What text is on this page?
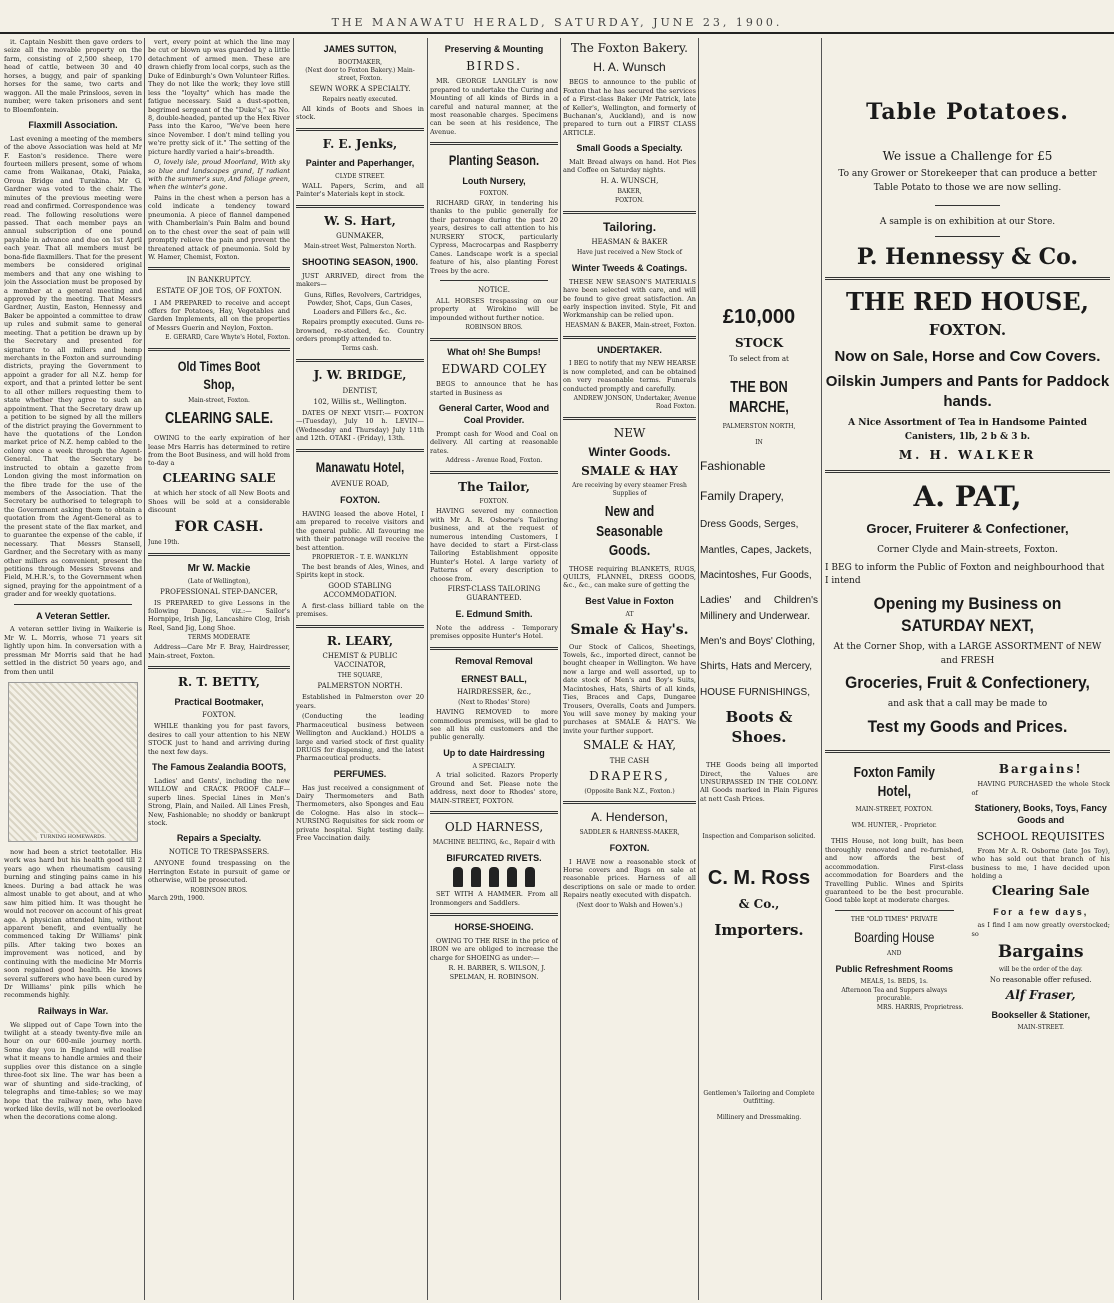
THE MANAWATU HERALD, SATURDAY, JUNE 23, 1900.

it. Captain Nesbitt then gave orders to seize all the movable property on the farm, consisting of 2,500 sheep, 170 head of cattle, between 30 and 40 horses, a buggy, and pair of spanking horses for the same, two carts and waggon. All the male Prinsloos, seven in number, were taken prisoners and sent to Bloemfontein.

Flaxmill Association.

Last evening a meeting of the members of the above Association was held at Mr F. Easton's residence. There were fourteen millers present, some of whom came from Waikanae, Otaki, Paiaka, Oroua Bridge and Turakina. Mr G. Gardner was voted to the chair. The minutes of the previous meeting were read and confirmed. Correspondence was read. The following resolutions were passed. That each member pays an annual subscription of one pound payable in advance and due on 1st April each year. That all members must be bona-fide flaxmillers. That for the present members be considered original members and that any one wishing to join the Association must be proposed by a member at a general meeting and approved by the meeting. That Messrs Gardner, Austin, Easton, Hennessy and Baker be appointed a committee to draw up rules and submit same to general meeting. That a petition be drawn up by the Secretary and presented for signature to all millers and hemp merchants in the Foxton and surrounding districts, praying the Government to appoint a grader for all N.Z. hemp for export, and that a printed letter be sent to all other millers requesting them to state whether they agree to such an appointment. That the Secretary draw up a petition to be signed by all the millers of the district praying the Government to have the quotations of the London market price of N.Z. hemp cabled to the colony once a week through the Agent-General. That the Secretary be instructed to obtain a gazette from London giving the most information on the fibre trade for the use of the members of the Association. That the Secretary be authorised to telegraph to the Government asking them to obtain a quotation from the Agent-General as to the present state of the flax market, and to guarantee the expense of the cable, if necessary. That Messrs Stansell, Gardner, and the Secretary with as many other millers as convenient, present the petitions through Messrs Stevens and Field, M.H.R.'s, to the Government when signed, praying for the appointment of a grader and for weekly quotations.

A Veteran Settler.

A veteran settler living in Waikerie is Mr W. L. Morris, whose 71 years sit lightly upon him. In conversation with a pressman Mr Morris said that he had settled in the district 50 years ago, and from then until

TURNING HOMEWARDS.

now had been a strict teetotaller. His work was hard but his health good till 2 years ago when rheumatism causing burning and stinging pains came in his knees. During a bad attack he was almost unable to get about, and at who saw him pitied him. It was thought he would not recover on account of his great age. A physician attended him, without apparent benefit, and eventually he commenced taking Dr Williams' pink pills. After taking two boxes an improvement was noticed, and by continuing with the medicine Mr Morris soon regained good health. He knows several sufferers who have been cured by Dr Williams' pink pills which he recommends highly.

Railways in War.

We slipped out of Cape Town into the twilight at a steady twenty-five mile an hour on our 600-mile journey north. Some day you in England will realise what it means to handle armies and their supplies over this distance on a single three-foot six line. The war has been a war of shunting and side-tracking, of telegraphs and time-tables; so we may hope that the railway men, who have worked like devils, will not be overlooked when the decorations come along.

vert, every point at which the line may be cut or blown up was guarded by a little detachment of armed men. These are drawn chiefly from local corps, such as the Duke of Edinburgh's Own Volunteer Rifles. They do not like the work; they love still less the "loyalty" which has made the fatigue necessary. Said a dust-spotten, begrimed sergeant of the "Duke's," as No. 8, double-headed, panted up the Hex River Pass into the Karoo, "We've been here since November. I don't mind telling you we're pretty sick of it." The setting of the picture hardly varied a hair's-breadth.

O, lovely isle, proud Moorland, With sky so blue and landscapes grand, If radiant with the summer's sun, And foliage green, when the winter's gone.

Pains in the chest when a person has a cold indicate a tendency toward pneumonia. A piece of flannel dampened with Chamberlain's Pain Balm and bound on to the chest over the seat of pain will promptly relieve the pain and prevent the threatened attack of pneumonia. Sold by W. Hamer, Chemist, Foxton.

IN BANKRUPTCY.
ESTATE OF JOE TOS, OF FOXTON.

I AM PREPARED to receive and accept offers for Potatoes, Hay, Vegetables and Garden Implements, all on the properties of Messrs Guerin and Neylon, Foxton.

E. GERARD, Care Whyte's Hotel, Foxton.
Old Times Boot Shop,
Main-street, Foxton.
CLEARING SALE.

OWING to the early expiration of her lease Mrs Harris has determined to retire from the Boot Business, and will hold from to-day a

CLEARING SALE

at which her stock of all New Boots and Shoes will be sold at a considerable discount

FOR CASH.
June 19th.
Mr W. Mackie
(Late of Wellington),
PROFESSIONAL STEP-DANCER,

IS PREPARED to give Lessons in the following Dances, viz.:— Sailor's Hornpipe, Irish Jig, Lancashire Clog, Irish Reel, Sand Jig, Long Shoe.

TERMS MODERATE

Address—Care Mr F. Bray, Hairdresser, Main-street, Foxton.

R. T. BETTY,
Practical Bootmaker,
FOXTON.

WHILE thanking you for past favors, desires to call your attention to his NEW STOCK just to hand and arriving during the next few days.

The Famous Zealandia BOOTS,

Ladies' and Gents', including the new WILLOW and CRACK PROOF CALF—superb lines. Special Lines in Men's Strong, Plain, and Nailed. All Lines Fresh, New, Fashionable; no shoddy or bankrupt stock.

Repairs a Specialty.
NOTICE TO TRESPASSERS.

ANYONE found trespassing on the Herrington Estate in pursuit of game or otherwise, will be prosecuted.

ROBINSON BROS.
March 29th, 1900.
JAMES SUTTON,
BOOTMAKER,
(Next door to Foxton Bakery.) Main-street, Foxton.
SEWN WORK A SPECIALTY.
Repairs neatly executed.

All kinds of Boots and Shoes in stock.

F. E. Jenks,
Painter and Paperhanger,
CLYDE STREET.

WALL Papers, Scrim, and all Painter's Materials kept in stock.

W. S. Hart,
GUNMAKER,
Main-street West, Palmerston North.
SHOOTING SEASON, 1900.

JUST ARRIVED, direct from the makers—

Guns, Rifles, Revolvers, Cartridges, Powder, Shot, Caps, Gun Cases, Loaders and Fillers &c., &c.

Repairs promptly executed. Guns re-browned, re-stocked, &c. Country orders promptly attended to.

Terms cash.
J. W. BRIDGE,
DENTIST,
102, Willis st., Wellington.

DATES OF NEXT VISIT:— FOXTON—(Tuesday), July 10 h. LEVIN—(Wednesday and Thursday) July 11th and 12th. OTAKI - (Friday), 13th.

Manawatu Hotel,
AVENUE ROAD,
FOXTON.

HAVING leased the above Hotel, I am prepared to receive visitors and the general public. All favouring me with their patronage will receive the best attention.

PROPRIETOR - T. E. WANKLYN

The best brands of Ales, Wines, and Spirits kept in stock.

GOOD STABLING ACCOMMODATION.

A first-class billiard table on the premises.

R. LEARY,
CHEMIST & PUBLIC VACCINATOR,
THE SQUARE,
PALMERSTON NORTH.

Established in Palmerston over 20 years.

(Conducting the leading Pharmaceutical business between Wellington and Auckland.) HOLDS a large and varied stock of first quality DRUGS for dispensing, and the latest Pharmaceutical products.

PERFUMES.

Has just received a consignment of Dairy Thermometers and Bath Thermometers, also Sponges and Eau de Cologne. Has also in stock—NURSING Requisites for sick room or private hospital. Sight testing daily. Free Vaccination daily.

Preserving & Mounting
BIRDS.

MR. GEORGE LANGLEY is now prepared to undertake the Curing and Mounting of all kinds of Birds in a careful and natural manner, at the most reasonable charges. Specimens can be seen at his residence, The Avenue.

Planting Season.
Louth Nursery,
FOXTON.

RICHARD GRAY, in tendering his thanks to the public generally for their patronage during the past 20 years, desires to call attention to his NURSERY STOCK, particularly Cypress, Macrocarpas and Raspberry Canes. Landscape work is a special feature of his, also planting Forest Trees by the acre.

NOTICE.

ALL HORSES trespassing on our property at Wirokino will be impounded without further notice.

ROBINSON BROS.
What oh! She Bumps!
EDWARD COLEY

BEGS to announce that he has started in Business as

General Carter, Wood and Coal Provider.

Prompt cash for Wood and Coal on delivery. All carting at reasonable rates.

Address - Avenue Road, Foxton.
The Tailor,
FOXTON.

HAVING severed my connection with Mr A. R. Osborne's Tailoring business, and at the request of numerous intending Customers, I have decided to start a First-class Tailoring Establishment opposite Hunter's Hotel. A large variety of Patterns of every description to choose from.

FIRST-CLASS TAILORING GUARANTEED.
E. Edmund Smith.

Note the address - Temporary premises opposite Hunter's Hotel.

Removal Removal
ERNEST BALL,
HAIRDRESSER, &c.,
(Next to Rhodes' Store)

HAVING REMOVED to more commodious premises, will be glad to see all his old customers and the public generally.

Up to date Hairdressing
A SPECIALTY.

A trial solicited. Razors Properly Ground and Set. Please note the address, next door to Rhodes' store, MAIN-STREET, FOXTON.

OLD HARNESS,
MACHINE BELTING, &c., Repair d with
BIFURCATED RIVETS.

SET WITH A HAMMER. From all Ironmongers and Saddlers.

HORSE-SHOEING.

OWING TO THE RISE in the price of IRON we are obliged to increase the charge for SHOEING as under:—

R. H. BARBER, S. WILSON, J. SPELMAN, H. ROBINSON.

The Foxton Bakery.
H. A. Wunsch

BEGS to announce to the public of Foxton that he has secured the services of a First-class Baker (Mr Patrick, late of Keller's, Wellington, and formerly of Buchanan's, Auckland), and is now prepared to turn out a FIRST CLASS ARTICLE.

Small Goods a Specialty.

Malt Bread always on hand. Hot Pies and Coffee on Saturday nights.

H. A. WUNSCH,
BAKER,
FOXTON.
Tailoring.
HEASMAN & BAKER
Have just received a New Stock of
Winter Tweeds & Coatings.

THESE NEW SEASON'S MATERIALS have been selected with care, and will be found to give great satisfaction. An early inspection invited. Style, Fit and Workmanship can be relied upon.

HEASMAN & BAKER, Main-street, Foxton.
UNDERTAKER.

I BEG to notify that my NEW HEARSE is now completed, and can be obtained on very reasonable terms. Funerals conducted promptly and carefully.

ANDREW JONSON, Undertaker, Avenue Road Foxton.
NEW
Winter Goods.
SMALE & HAY
Are receiving by every steamer Fresh Supplies of
New and Seasonable Goods.

THOSE requiring BLANKETS, RUGS, QUILTS, FLANNEL, DRESS GOODS, &c., &c., can make sure of getting the

Best Value in Foxton
AT
Smale & Hay's.

Our Stock of Calicos, Sheetings, Towels, &c., imported direct, cannot be bought cheaper in Wellington. We have now a large and well assorted, up to date stock of Men's and Boy's Suits, Macintoshes, Hats, Shirts of all kinds, Ties, Braces and Caps, Dungaree Trousers, Overalls, Coats and Jumpers. You will save money by making your purchases at SMALE & HAY'S. We invite your further support.

SMALE & HAY,
THE CASH
DRAPERS,
(Opposite Bank N.Z., Foxton.)
A. Henderson,
SADDLER & HARNESS-MAKER,
FOXTON.

I HAVE now a reasonable stock of Horse covers and Rugs on sale at reasonable prices. Harness of all descriptions on sale or made to order. Repairs neatly executed with dispatch.

(Next door to Walsh and Howen's.)
£10,000
STOCK
To select from at
THE BON MARCHE,
PALMERSTON NORTH,
IN
Fashionable
Family Drapery,
Dress Goods, Serges,
Mantles, Capes, Jackets,
Macintoshes, Fur Goods,
Ladies' and Children's Millinery and Underwear.
Men's and Boys' Clothing,
Shirts, Hats and Mercery,
HOUSE FURNISHINGS,
Boots & Shoes.

THE Goods being all imported Direct, the Values are UNSURPASSED IN THE COLONY. All Goods marked in Plain Figures at nett Cash Prices.

Inspection and Comparison solicited.
C. M. Ross
& Co.,
Importers.
Gentlemen's Tailoring and Complete Outfitting.
Millinery and Dressmaking.
Table Potatoes.
We issue a Challenge for £5
To any Grower or Storekeeper that can produce a better Table Potato to those we are now selling.
A sample is on exhibition at our Store.
P. Hennessy & Co.
THE RED HOUSE,
FOXTON.
Now on Sale, Horse and Cow Covers.
Oilskin Jumpers and Pants for Paddock hands.
A Nice Assortment of Tea in Handsome Painted Canisters, 1lb, 2 b & 3 b.
M. H. WALKER
A. PAT,
Grocer, Fruiterer & Confectioner,
Corner Clyde and Main-streets, Foxton.
I BEG to inform the Public of Foxton and neighbourhood that I intend
Opening my Business on SATURDAY NEXT,
At the Corner Shop, with a LARGE ASSORTMENT of NEW and FRESH
Groceries, Fruit & Confectionery,
and ask that a call may be made to
Test my Goods and Prices.
Foxton Family Hotel,
MAIN-STREET, FOXTON.
WM. HUNTER, - Proprietor.

THIS House, not long built, has been thoroughly renovated and re-furnished, and now affords the best of accommodation. First-class accommodation for Boarders and the Travelling Public. Wines and Spirits guaranteed to be the best procurable. Good table kept at moderate charges.

THE "OLD TIMES" PRIVATE
Boarding House
AND
Public Refreshment Rooms
MEALS, 1s. BEDS, 1s.
Afternoon Tea and Suppers always procurable.
MRS. HARRIS, Proprietress.
Bargains!

HAVING PURCHASED the whole Stock of

Stationery, Books, Toys, Fancy Goods and
SCHOOL REQUISITES

From Mr A. R. Osborne (late Jos Toy), who has sold out that branch of his business to me, I have decided upon holding a

Clearing Sale
For a few days,

as I find I am now greatly overstocked; so

Bargains
will be the order of the day.
No reasonable offer refused.
Alf Fraser,
Bookseller & Stationer,
MAIN-STREET.
